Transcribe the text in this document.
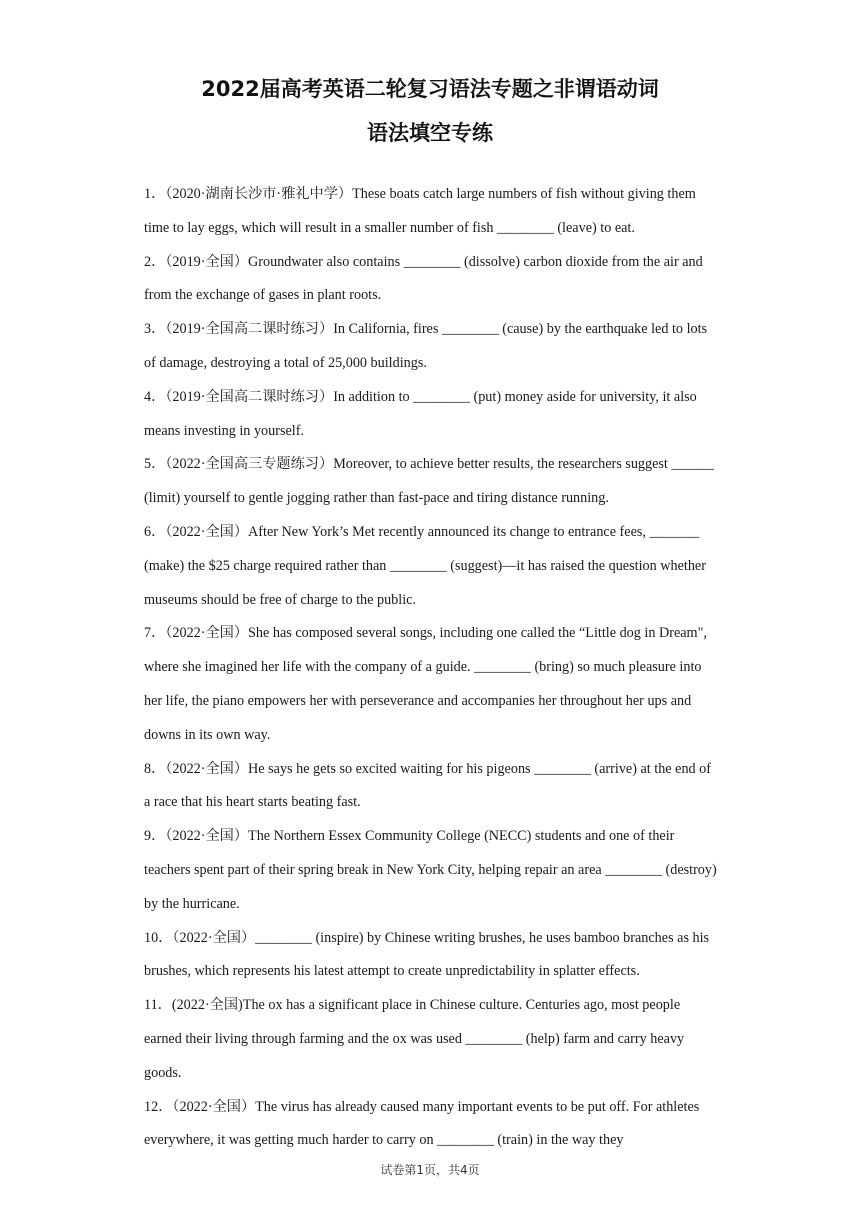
2022届高考英语二轮复习语法专题之非谓语动词
语法填空专练

1．（2020·湖南长沙市·雅礼中学）These boats catch large numbers of fish without giving them time to lay eggs, which will result in a smaller number of fish ________ (leave) to eat.

2．（2019·全国）Groundwater also contains ________ (dissolve) carbon dioxide from the air and from the exchange of gases in plant roots.

3．（2019·全国高二课时练习）In California, fires ________ (cause) by the earthquake led to lots of damage, destroying a total of 25,000 buildings.

4．（2019·全国高二课时练习）In addition to ________ (put) money aside for university, it also means investing in yourself.

5．（2022·全国高三专题练习）Moreover, to achieve better results, the researchers suggest ______ (limit) yourself to gentle jogging rather than fast-pace and tiring distance running.

6．（2022·全国）After New York’s Met recently announced its change to entrance fees, _______ (make) the $25 charge required rather than ________ (suggest)—it has raised the question whether museums should be free of charge to the public.

7．（2022·全国）She has composed several songs, including one called the “Little dog in Dream", where she imagined her life with the company of a guide. ________ (bring) so much pleasure into her life, the piano empowers her with perseverance and accompanies her throughout her ups and downs in its own way.

8．（2022·全国）He says he gets so excited waiting for his pigeons ________ (arrive) at the end of a race that his heart starts beating fast.

9．（2022·全国）The Northern Essex Community College (NECC) students and one of their teachers spent part of their spring break in New York City, helping repair an area ________ (destroy) by the hurricane.

10．（2022·全国）________ (inspire) by Chinese writing brushes, he uses bamboo branches as his brushes, which represents his latest attempt to create unpredictability in splatter effects.

11．(2022·全国)The ox has a significant place in Chinese culture. Centuries ago, most people earned their living through farming and the ox was used ________ (help) farm and carry heavy goods.

12．（2022·全国）The virus has already caused many important events to be put off. For athletes everywhere, it was getting much harder to carry on ________ (train) in the way they

试卷第1页，共4页
